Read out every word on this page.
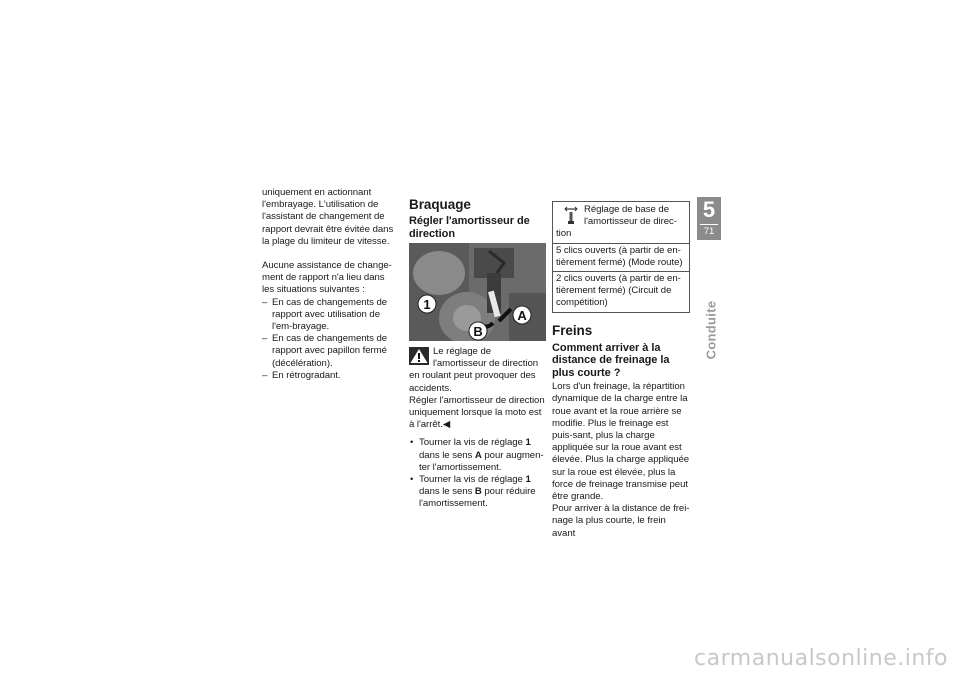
uniquement en actionnant l'embrayage. L'utilisation de l'assistant de changement de rapport devrait être évitée dans la plage du limiteur de vitesse.

Aucune assistance de change-ment de rapport n'a lieu dans les situations suivantes :

– En cas de changements de rapport avec utilisation de l'em-brayage.
– En cas de changements de rapport avec papillon fermé (décélération).
– En rétrogradant.
Braquage
Régler l'amortisseur de direction
1
A
B

Le réglage de l'amortisseur de direction en roulant peut provoquer des accidents.

Régler l'amortisseur de direction uniquement lorsque la moto est à l'arrêt.◀

• Tourner la vis de réglage 1 dans le sens A pour augmen-ter l'amortissement.
• Tourner la vis de réglage 1 dans le sens B pour réduire l'amortissement.
Réglage de base de l'amortisseur de direc-tion
5 clics ouverts (à partir de en-tièrement fermé) (Mode route)
2 clics ouverts (à partir de en-tièrement fermé) (Circuit de compétition)
Freins
Comment arriver à la distance de freinage la plus courte ?

Lors d'un freinage, la répartition dynamique de la charge entre la roue avant et la roue arrière se modifie. Plus le freinage est puis-sant, plus la charge appliquée sur la roue avant est élevée. Plus la charge appliquée sur la roue est élevée, plus la force de freinage transmise peut être grande.

Pour arriver à la distance de frei-nage la plus courte, le frein avant

5
71
Conduite
carmanualsonline.info
